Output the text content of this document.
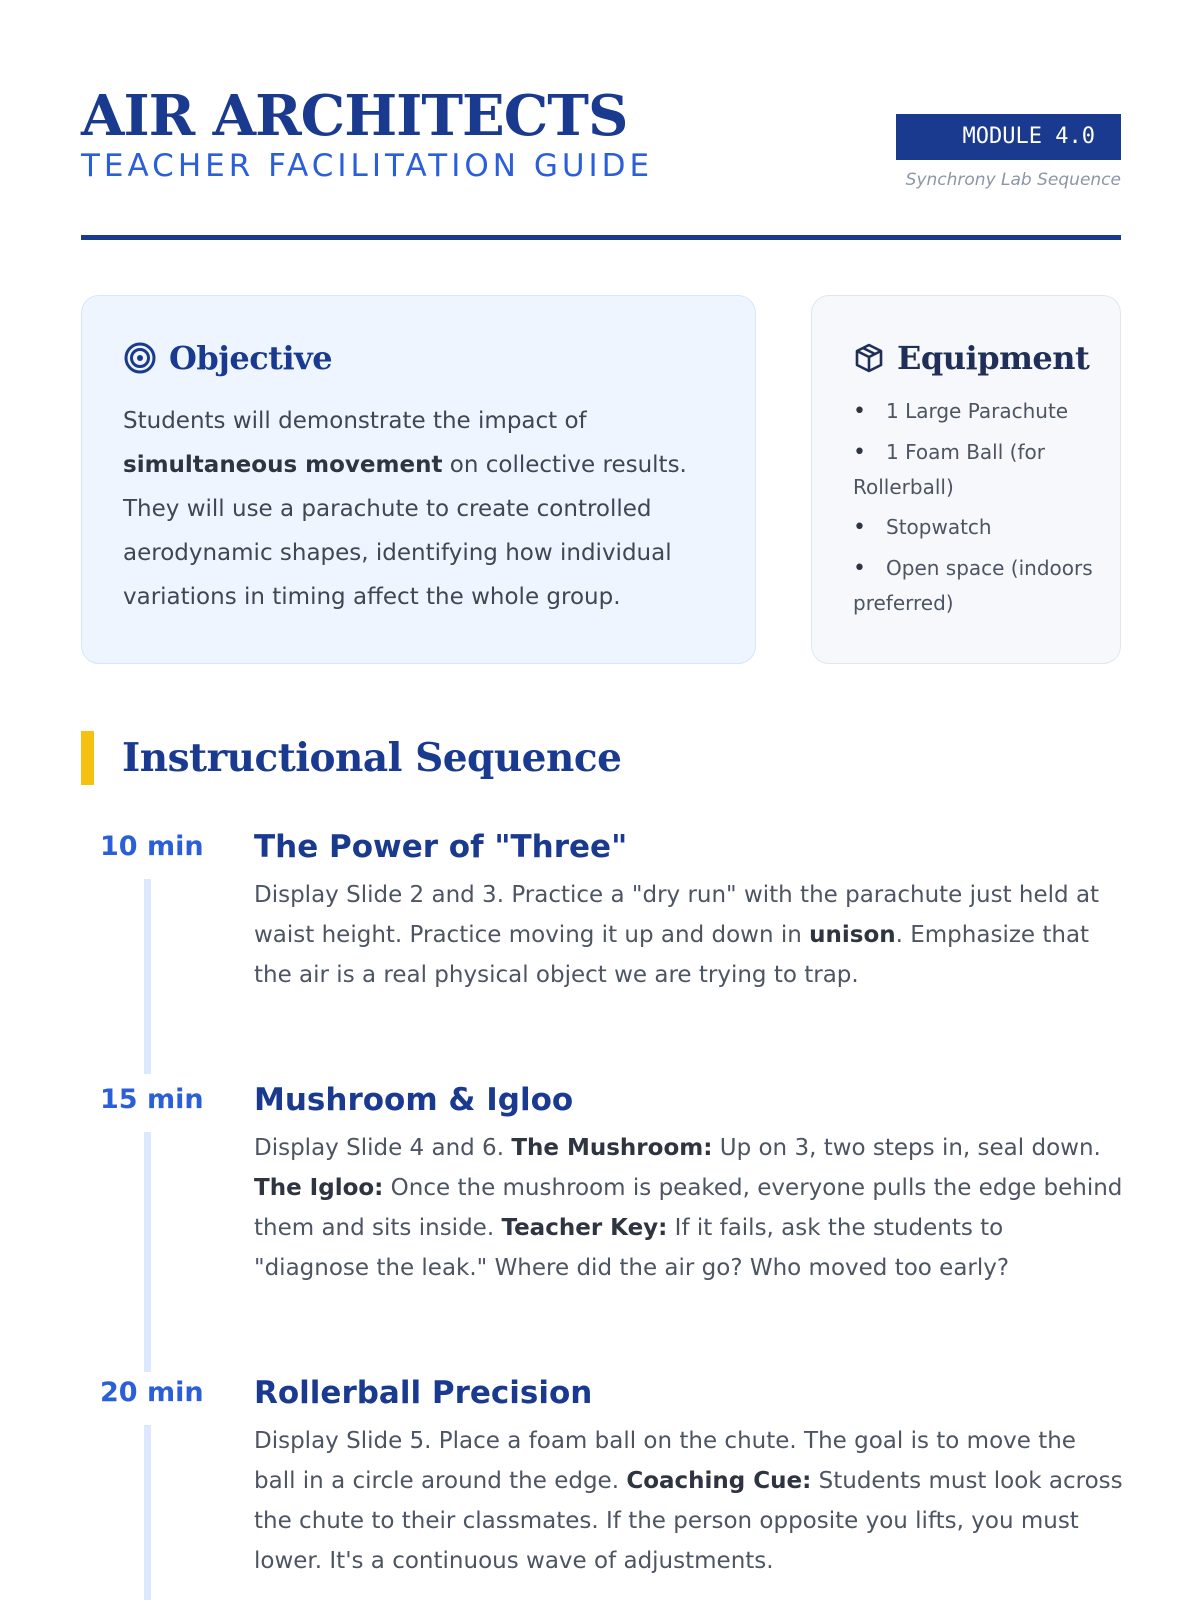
AIR ARCHITECTS
TEACHER FACILITATION GUIDE
MODULE 4.0
Synchrony Lab Sequence
Objective

Students will demonstrate the impact of simultaneous movement on collective results. They will use a parachute to create controlled aerodynamic shapes, identifying how individual variations in timing affect the whole group.

Equipment
• 1 Large Parachute
• 1 Foam Ball (for Rollerball)
• Stopwatch
• Open space (indoors preferred)
Instructional Sequence
10 min	The Power of "Three"

Display Slide 2 and 3. Practice a "dry run" with the parachute just held at waist height. Practice moving it up and down in unison. Emphasize that the air is a real physical object we are trying to trap.

15 min	Mushroom & Igloo

Display Slide 4 and 6. The Mushroom: Up on 3, two steps in, seal down. The Igloo: Once the mushroom is peaked, everyone pulls the edge behind them and sits inside. Teacher Key: If it fails, ask the students to "diagnose the leak." Where did the air go? Who moved too early?

20 min	Rollerball Precision

Display Slide 5. Place a foam ball on the chute. The goal is to move the ball in a circle around the edge. Coaching Cue: Students must look across the chute to their classmates. If the person opposite you lifts, you must lower. It's a continuous wave of adjustments.
